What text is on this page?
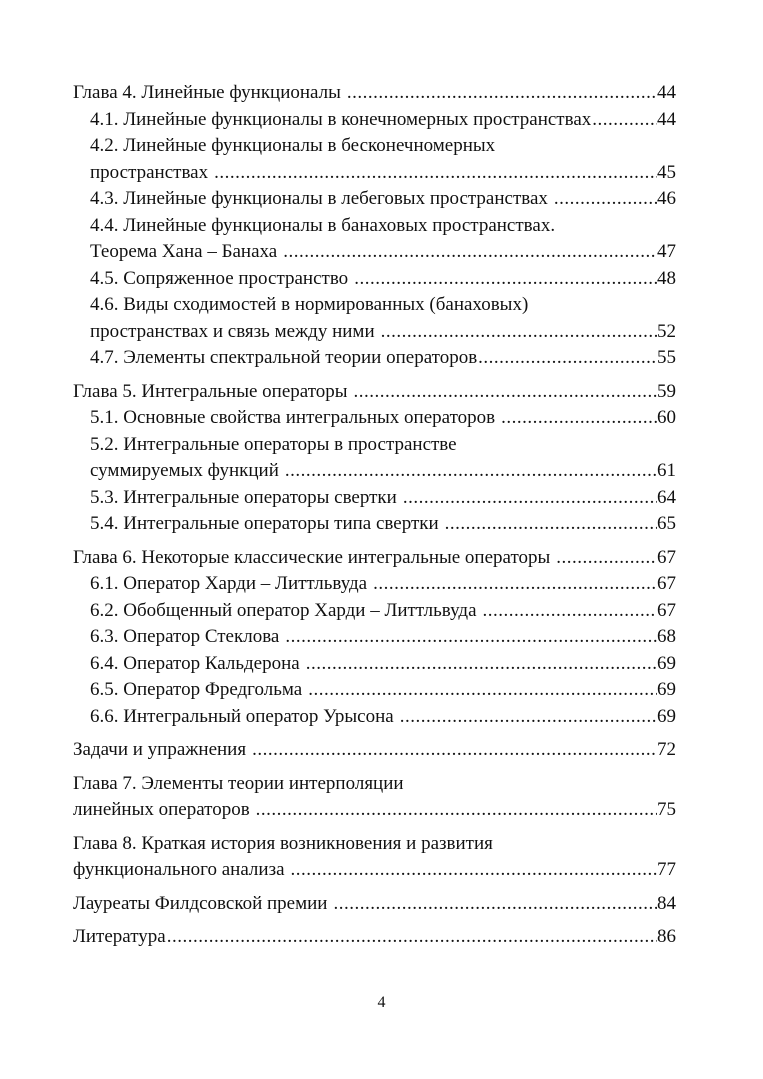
Глава 4. Линейные функционалы .....	44
4.1. Линейные функционалы в конечномерных пространствах .....	44
4.2. Линейные функционалы в бесконечномерных
пространствах .....	45
4.3. Линейные функционалы в лебеговых пространствах .....	46
4.4. Линейные функционалы в банаховых пространствах.
Теорема Хана – Банаха .....	47
4.5. Сопряженное пространство .....	48
4.6. Виды сходимостей в нормированных (банаховых)
пространствах и связь между ними .....	52
4.7. Элементы спектральной теории операторов .....	55
Глава 5. Интегральные операторы .....	59
5.1. Основные свойства интегральных операторов .....	60
5.2. Интегральные операторы в пространстве
суммируемых функций .....	61
5.3. Интегральные операторы свертки .....	64
5.4. Интегральные операторы типа свертки .....	65
Глава 6. Некоторые классические интегральные операторы .....	67
6.1. Оператор Харди – Литтльвуда .....	67
6.2. Обобщенный оператор Харди – Литтльвуда .....	67
6.3. Оператор Стеклова .....	68
6.4. Оператор Кальдерона .....	69
6.5. Оператор Фредгольма .....	69
6.6. Интегральный оператор Урысона .....	69
Задачи и упражнения .....	72
Глава 7. Элементы теории интерполяции
линейных операторов .....	75
Глава 8. Краткая история возникновения и развития
функционального анализа .....	77
Лауреаты Филдсовской премии .....	84
Литература .....	86
4
